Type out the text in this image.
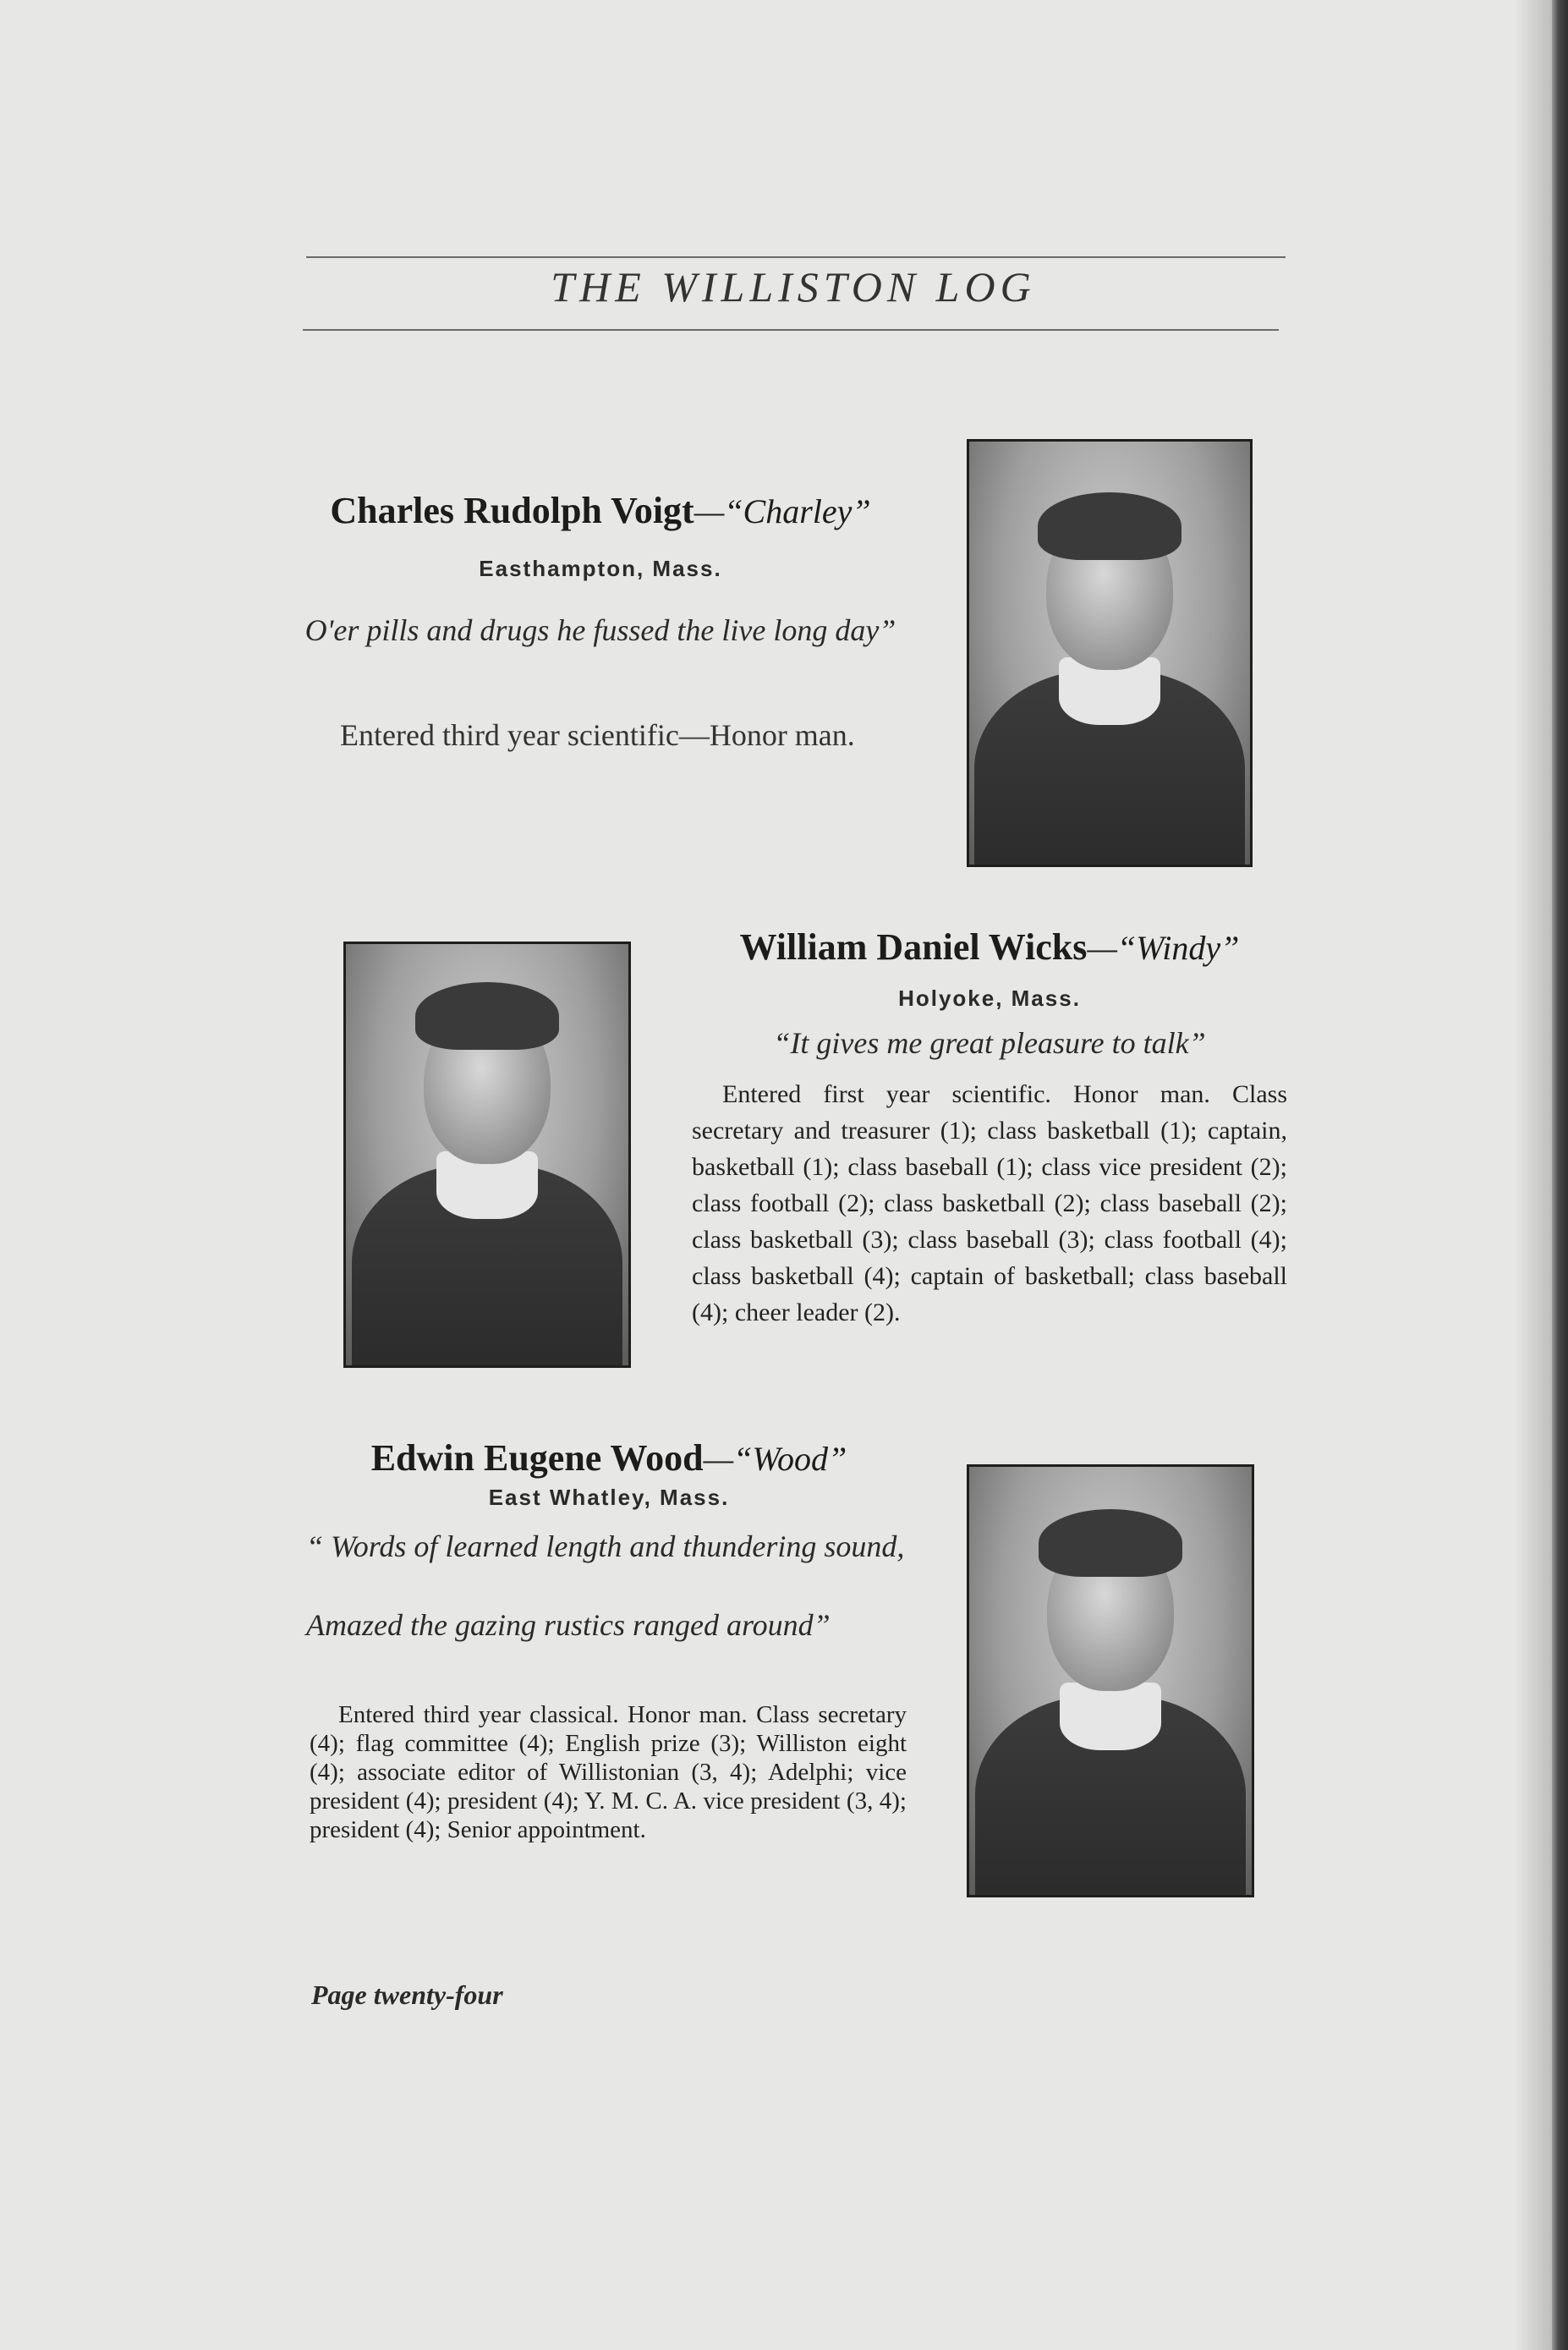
THE WILLISTON LOG
Charles Rudolph Voigt—“Charley”
Easthampton, Mass.
O'er pills and drugs he fussed the live long day”
Entered third year scientific—Honor man.
William Daniel Wicks—“Windy”
Holyoke, Mass.
“It gives me great pleasure to talk”
Entered first year scientific. Honor man. Class secretary and treasurer (1); class basketball (1); captain, basketball (1); class baseball (1); class vice president (2); class football (2); class basketball (2); class baseball (2); class basketball (3); class baseball (3); class football (4); class basketball (4); captain of basketball; class baseball (4); cheer leader (2).
Edwin Eugene Wood—“Wood”
East Whatley, Mass.
“ Words of learned length and thundering sound,
Amazed the gazing rustics ranged around”
Entered third year classical. Honor man. Class secretary (4); flag committee (4); English prize (3); Williston eight (4); associate editor of Willistonian (3, 4); Adelphi; vice president (4); president (4); Y. M. C. A. vice president (3, 4); president (4); Senior appointment.
Page twenty-four
